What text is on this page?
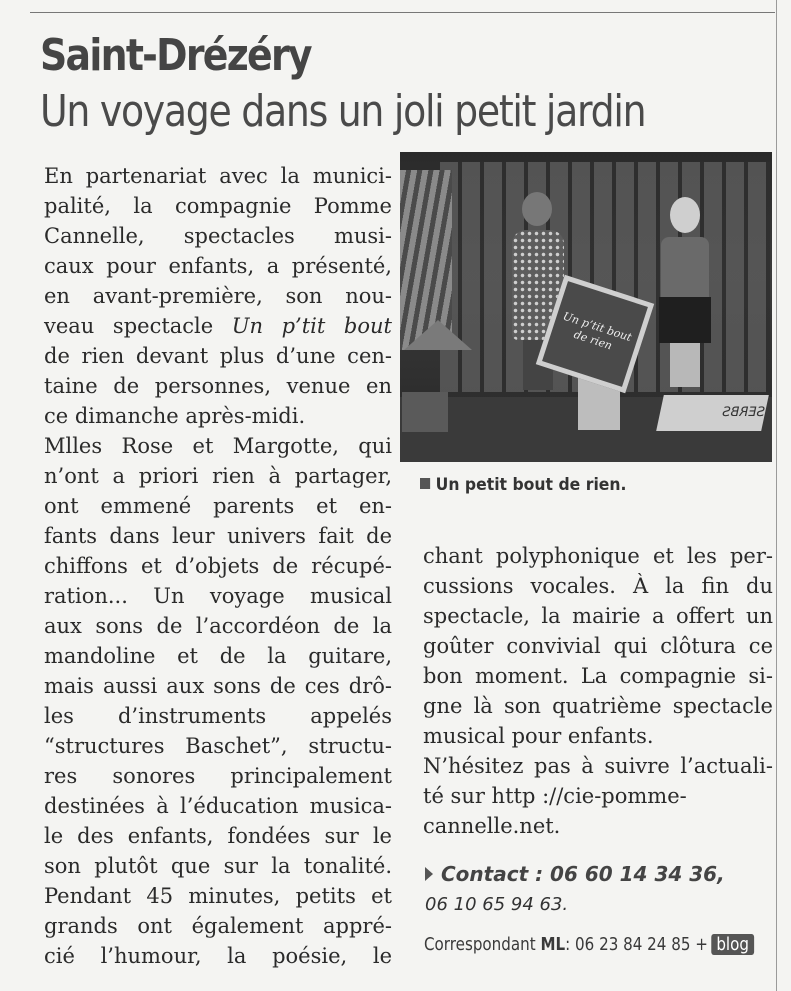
Saint-Drézéry
Un voyage dans un joli petit jardin
En partenariat avec la munici-
palité, la compagnie Pomme
Cannelle, spectacles musi-
caux pour enfants, a présenté,
en avant-première, son nou-
veau spectacle Un p’tit bout
de rien devant plus d’une cen-
taine de personnes, venue en
ce dimanche après-midi.
Mlles Rose et Margotte, qui
n’ont a priori rien à partager,
ont emmené parents et en-
fants dans leur univers fait de
chiffons et d’objets de récupé-
ration... Un voyage musical
aux sons de l’accordéon de la
mandoline et de la guitare,
mais aussi aux sons de ces drô-
les d’instruments appelés
“structures Baschet”, structu-
res sonores principalement
destinées à l’éducation musica-
le des enfants, fondées sur le
son plutôt que sur la tonalité.
Pendant 45 minutes, petits et
grands ont également appré-
cié l’humour, la poésie, le
Un p’tit bout de rien
SERBS
Un petit bout de rien.
chant polyphonique et les per-
cussions vocales. À la fin du
spectacle, la mairie a offert un
goûter convivial qui clôtura ce
bon moment. La compagnie si-
gne là son quatrième spectacle
musical pour enfants.
N’hésitez pas à suivre l’actuali-
té sur http ://cie-pomme-
cannelle.net.
Contact : 06 60 14 34 36,
06 10 65 94 63.
Correspondant ML: 06 23 84 24 85 + blog
